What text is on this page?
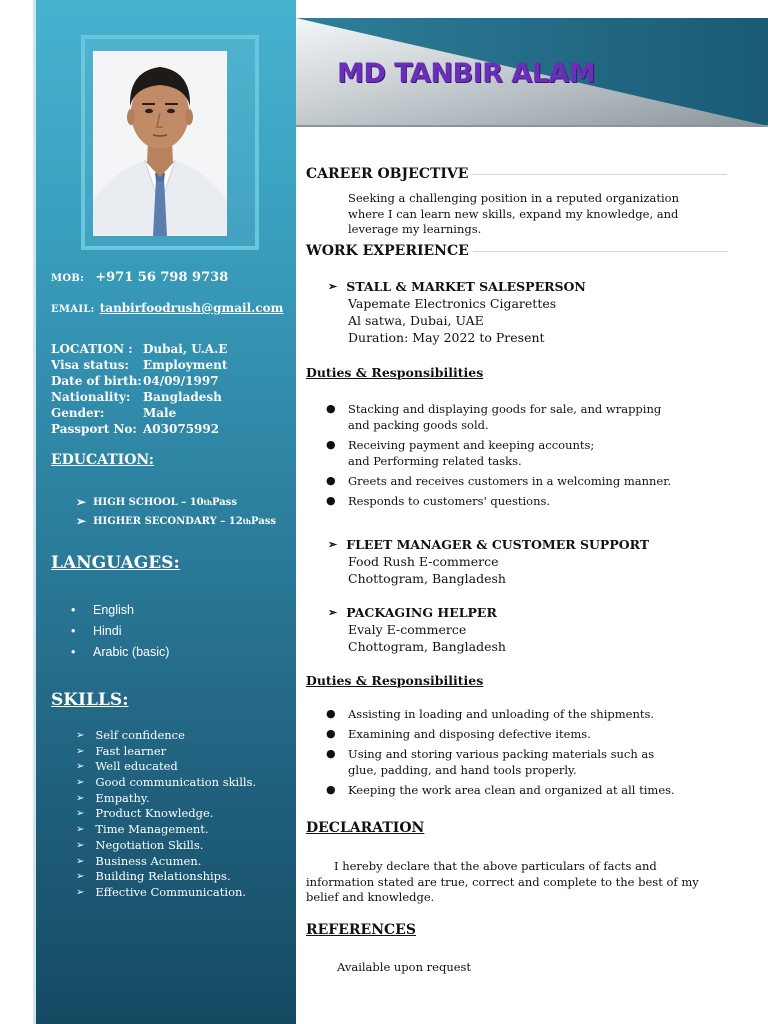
MOB: +971 56 798 9738
EMAIL: tanbirfoodrush@gmail.com
LOCATION : Dubai, U.A.E
Visa status:	Employment
Date of birth: 04/09/1997
Nationality:	Bangladesh
Gender:	Male
Passport No: A03075992
EDUCATION:
➢ HIGH SCHOOL – 10 th Pass
➢ HIGHER SECONDARY – 12 th Pass
LANGUAGES:
•	English
•	Hindi
•	Arabic (basic)
SKILLS:
➢ Self confidence
➢ Fast learner
➢ Well educated
➢ Good communication skills.
➢ Empathy.
➢ Product Knowledge.
➢ Time Management.
➢ Negotiation Skills.
➢ Business Acumen.
➢ Building Relationships.
➢ Effective Communication.
MD TANBIR ALAM
CAREER OBJECTIVE
Seeking a challenging position in a reputed organization where I can learn new skills, expand my knowledge, and leverage my learnings.
WORK EXPERIENCE
➢ STALL & MARKET SALESPERSON
Vapemate Electronics Cigarettes
Al satwa, Dubai, UAE
Duration: May 2022 to Present
Duties & Responsibilities
●	Stacking and displaying goods for sale, and wrapping and packing goods sold.
●	Receiving payment and keeping accounts; and Performing related tasks.
●	Greets and receives customers in a welcoming manner.
●	Responds to customers' questions.
➢ FLEET MANAGER & CUSTOMER SUPPORT
Food Rush E-commerce
Chottogram, Bangladesh
➢ PACKAGING HELPER
Evaly E-commerce
Chottogram, Bangladesh
Duties & Responsibilities
●	Assisting in loading and unloading of the shipments.
●	Examining and disposing defective items.
●	Using and storing various packing materials such as glue, padding, and hand tools properly.
●	Keeping the work area clean and organized at all times.
DECLARATION
I hereby declare that the above particulars of facts and information stated are true, correct and complete to the best of my belief and knowledge.
REFERENCES
Available upon request
